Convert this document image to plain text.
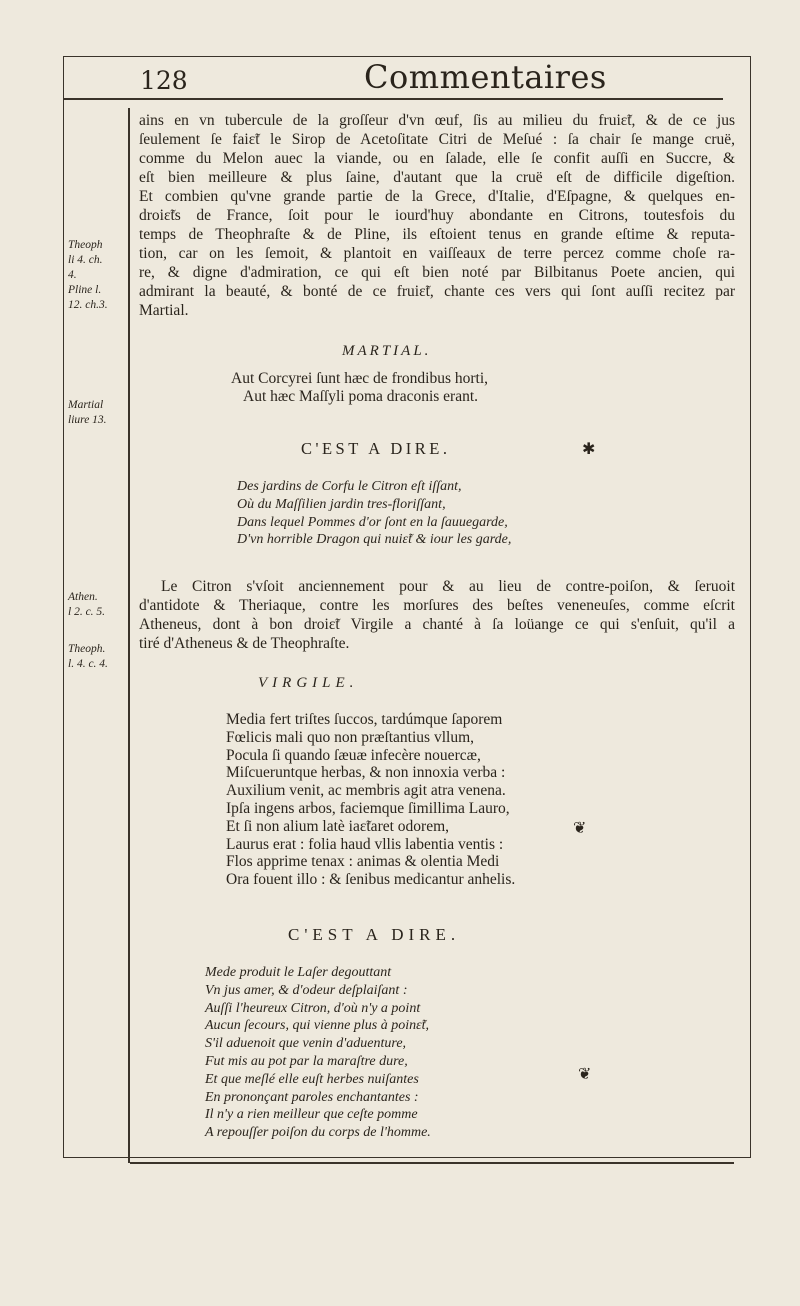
128	Commentaires
Theoph
li 4. ch.
4.
Pline l.
12. ch.3.
Martial
liure 13.
Athen.
l 2. c. 5.
Theoph.
l. 4. c. 4.
ains en vn tubercule de la groſſeur d'vn œuf, ſis au milieu du fruiɛ̃t, & de ce jus
ſeulement ſe faiɛ̃t le Sirop de Acetoſitate Citri de Meſué : ſa chair ſe mange cruë,
comme du Melon auec la viande, ou en ſalade, elle ſe confit auſſi en Succre, &
eſt bien meilleure & plus ſaine, d'autant que la cruë eſt de difficile digeſtion.
Et combien qu'vne grande partie de la Grece, d'Italie, d'Eſpagne, & quelques en-
droiɛ̃ts de France, ſoit pour le iourd'huy abondante en Citrons, toutesfois du
temps de Theophraſte & de Pline, ils eſtoient tenus en grande eſtime & reputa-
tion, car on les ſemoit, & plantoit en vaiſſeaux de terre percez comme choſe ra-
re, & digne d'admiration, ce qui eſt bien noté par Bilbitanus Poete ancien, qui
admirant la beauté, & bonté de ce fruiɛ̃t, chante ces vers qui ſont auſſi recitez par
Martial.
MARTIAL.
Aut Corcyrei ſunt hæc de frondibus horti,
Aut hæc Maſſyli poma draconis erant.
C'EST A DIRE.	✱
Des jardins de Corfu le Citron eſt iſſant,
Où du Maſſilien jardin tres-floriſſant,
Dans lequel Pommes d'or ſont en la ſauuegarde,
D'vn horrible Dragon qui nuiɛ̃t & iour les garde,
Le Citron s'vſoit anciennement pour & au lieu de contre-poiſon, & ſeruoit
d'antidote & Theriaque, contre les morſures des beſtes veneneuſes, comme eſcrit
Atheneus, dont à bon droiɛ̃t Virgile a chanté à ſa loüange ce qui s'enſuit, qu'il a
tiré d'Atheneus & de Theophraſte.
VIRGILE.
Media fert triſtes ſuccos, tardúmque ſaporem
Fœlicis mali quo non præſtantius vllum,
Pocula ſi quando ſæuæ infecère nouercæ,
Miſcueruntque herbas, & non innoxia verba :
Auxilium venit, ac membris agit atra venena.
Ipſa ingens arbos, faciemque ſimillima Lauro,
Et ſi non alium latè iaɛ̃taret odorem,
Laurus erat : folia haud vllis labentia ventis :
Flos apprime tenax : animas & olentia Medi
Ora fouent illo : & ſenibus medicantur anhelis.
❦
C'EST A DIRE.
Mede produit le Laſer degouttant
Vn jus amer, & d'odeur deſplaiſant :
Auſſi l'heureux Citron, d'où n'y a point
Aucun ſecours, qui vienne plus à poinɛ̃t,
S'il aduenoit que venin d'aduenture,
Fut mis au pot par la maraſtre dure,
Et que meſlé elle euſt herbes nuiſantes
En prononçant paroles enchantantes :
Il n'y a rien meilleur que ceſte pomme
A repouſſer poiſon du corps de l'homme.
❦
